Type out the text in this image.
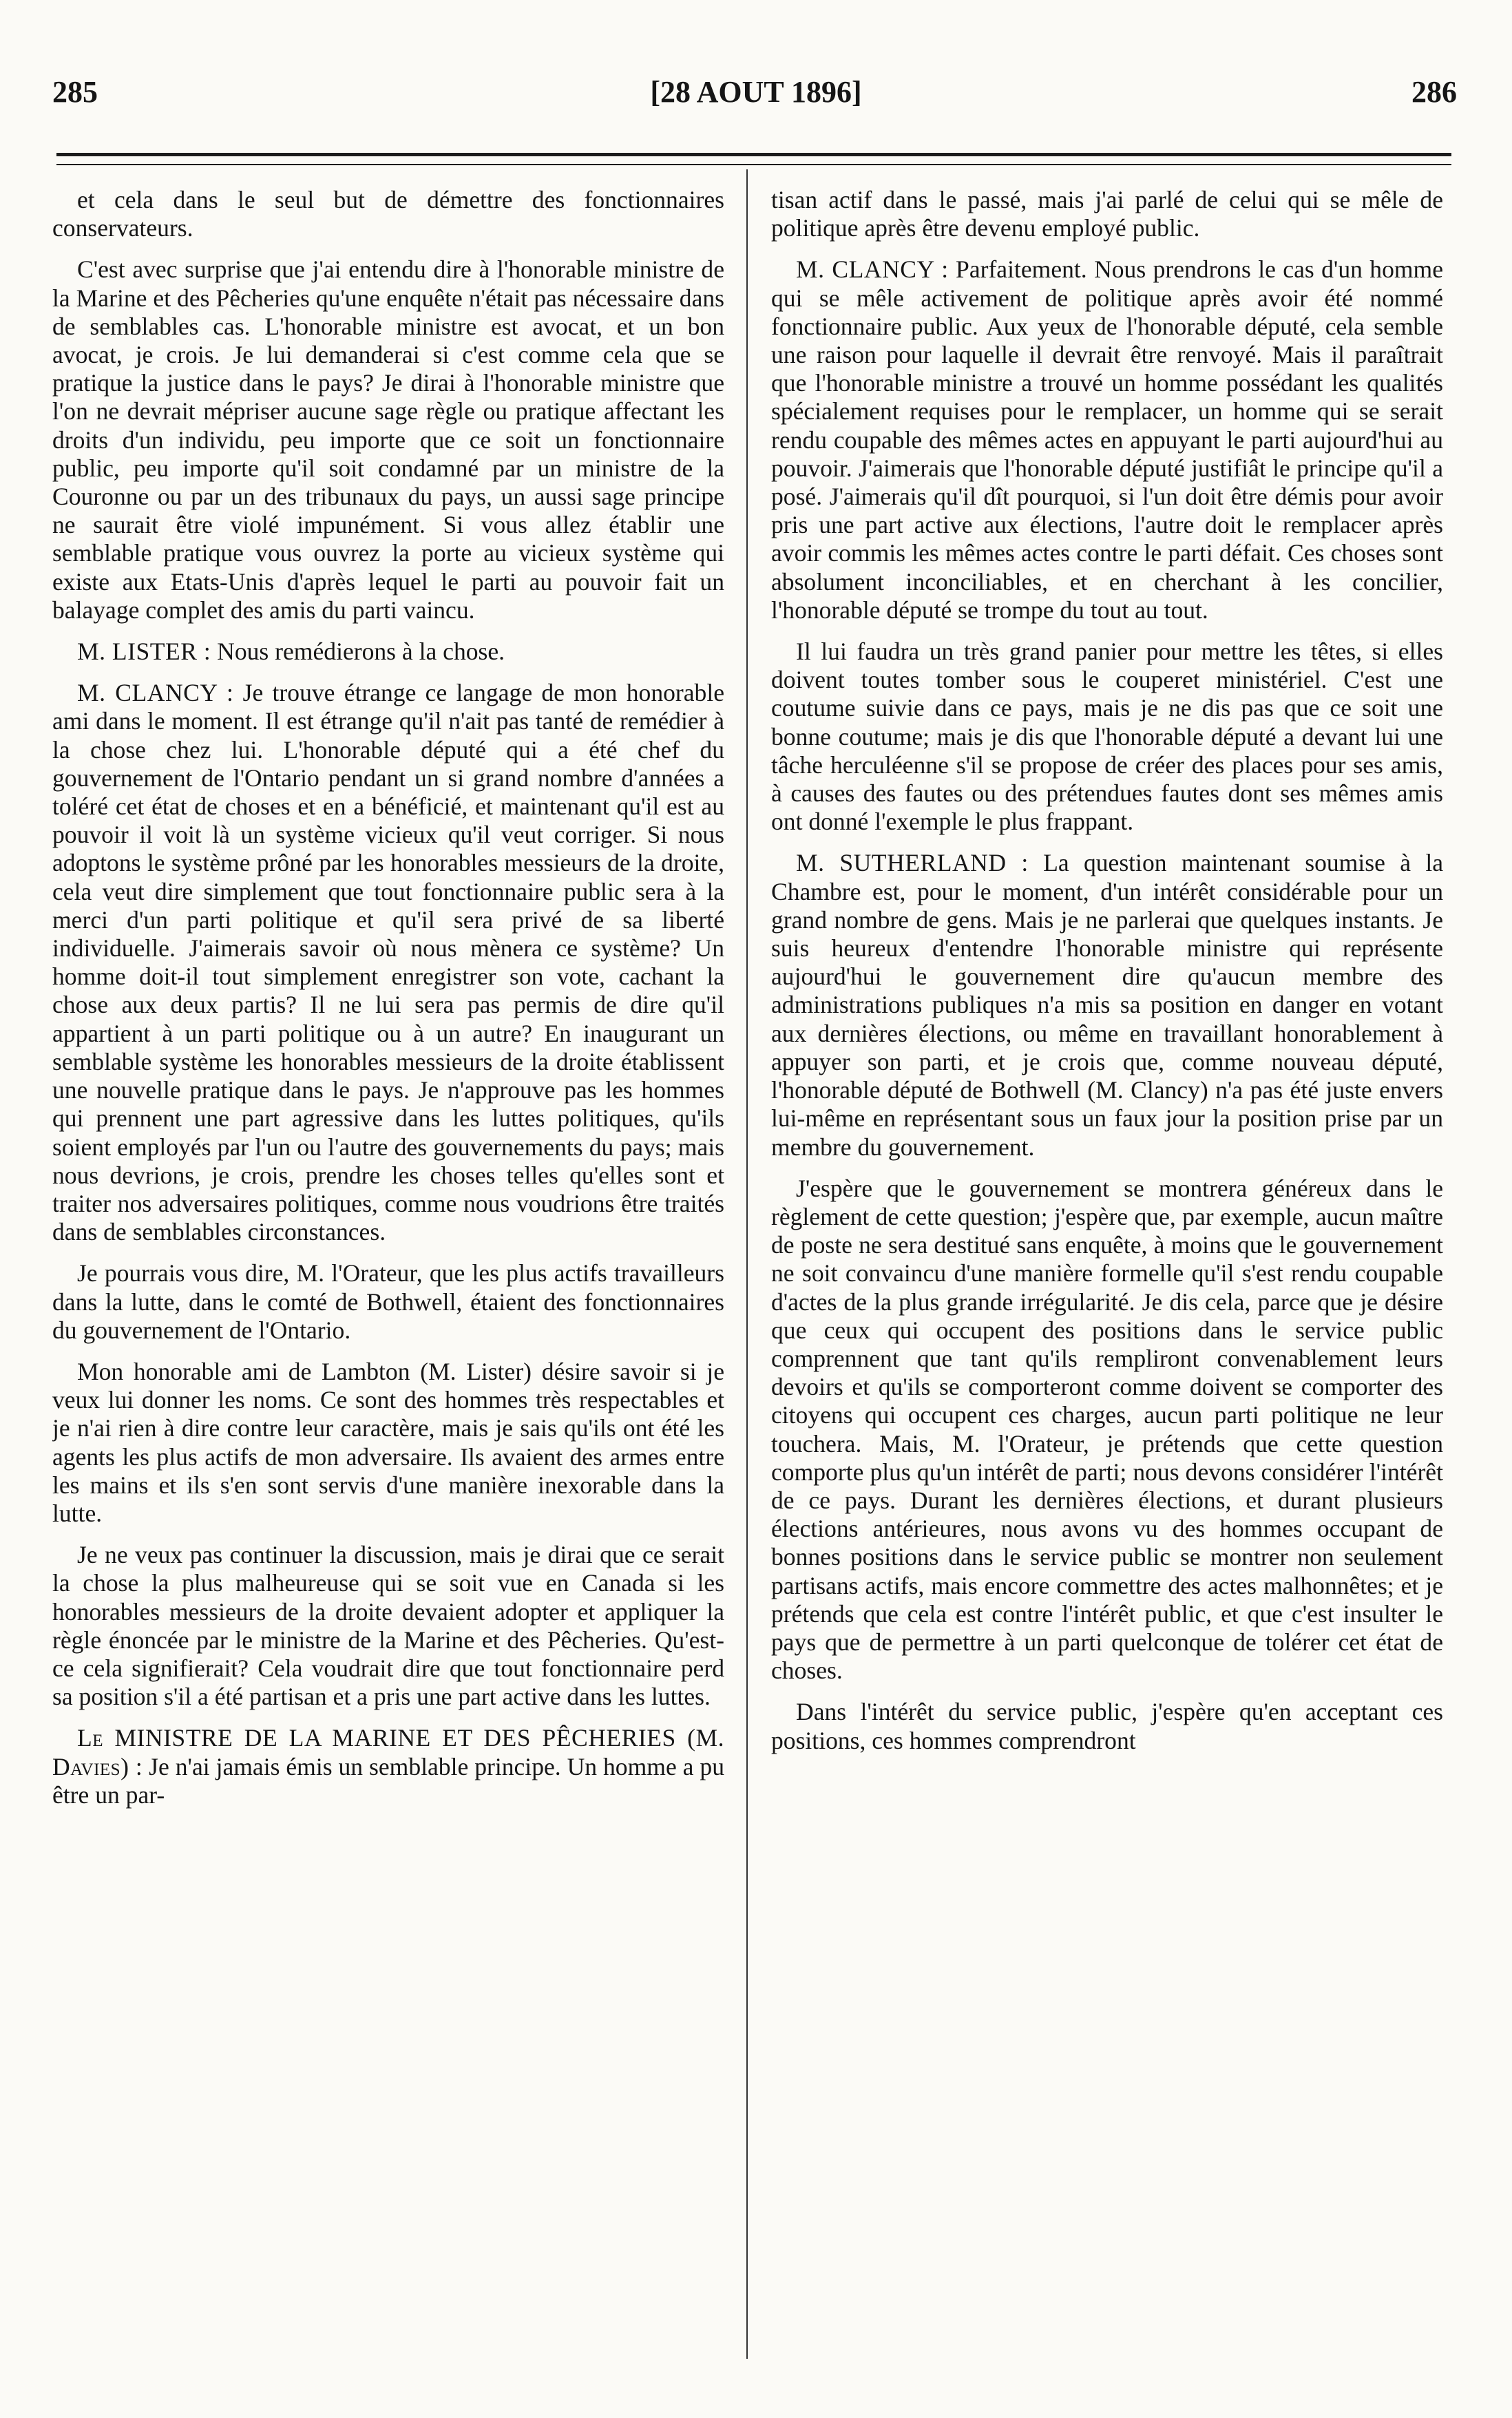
285	[28 AOUT 1896]	286

et cela dans le seul but de démettre des fonctionnaires conservateurs.

C'est avec surprise que j'ai entendu dire à l'honorable ministre de la Marine et des Pêcheries qu'une enquête n'était pas nécessaire dans de semblables cas. L'honorable ministre est avocat, et un bon avocat, je crois. Je lui demanderai si c'est comme cela que se pratique la justice dans le pays? Je dirai à l'honorable ministre que l'on ne devrait mépriser aucune sage règle ou pratique affectant les droits d'un individu, peu importe que ce soit un fonctionnaire public, peu importe qu'il soit condamné par un ministre de la Couronne ou par un des tribunaux du pays, un aussi sage principe ne saurait être violé impunément. Si vous allez établir une semblable pratique vous ouvrez la porte au vicieux système qui existe aux Etats-Unis d'après lequel le parti au pouvoir fait un balayage complet des amis du parti vaincu.

M. LISTER : Nous remédierons à la chose.

M. CLANCY : Je trouve étrange ce langage de mon honorable ami dans le moment. Il est étrange qu'il n'ait pas tanté de remédier à la chose chez lui. L'honorable député qui a été chef du gouvernement de l'Ontario pendant un si grand nombre d'années a toléré cet état de choses et en a bénéficié, et maintenant qu'il est au pouvoir il voit là un système vicieux qu'il veut corriger. Si nous adoptons le système prôné par les honorables messieurs de la droite, cela veut dire simplement que tout fonctionnaire public sera à la merci d'un parti politique et qu'il sera privé de sa liberté individuelle. J'aimerais savoir où nous mènera ce système? Un homme doit-il tout simplement enregistrer son vote, cachant la chose aux deux partis? Il ne lui sera pas permis de dire qu'il appartient à un parti politique ou à un autre? En inaugurant un semblable système les honorables messieurs de la droite établissent une nouvelle pratique dans le pays. Je n'approuve pas les hommes qui prennent une part agressive dans les luttes politiques, qu'ils soient employés par l'un ou l'autre des gouvernements du pays; mais nous devrions, je crois, prendre les choses telles qu'elles sont et traiter nos adversaires politiques, comme nous voudrions être traités dans de semblables circonstances.

Je pourrais vous dire, M. l'Orateur, que les plus actifs travailleurs dans la lutte, dans le comté de Bothwell, étaient des fonctionnaires du gouvernement de l'Ontario.

Mon honorable ami de Lambton (M. Lister) désire savoir si je veux lui donner les noms. Ce sont des hommes très respectables et je n'ai rien à dire contre leur caractère, mais je sais qu'ils ont été les agents les plus actifs de mon adversaire. Ils avaient des armes entre les mains et ils s'en sont servis d'une manière inexorable dans la lutte.

Je ne veux pas continuer la discussion, mais je dirai que ce serait la chose la plus malheureuse qui se soit vue en Canada si les honorables messieurs de la droite devaient adopter et appliquer la règle énoncée par le ministre de la Marine et des Pêcheries. Qu'est-ce cela signifierait? Cela voudrait dire que tout fonctionnaire perd sa position s'il a été partisan et a pris une part active dans les luttes.

Le MINISTRE DE LA MARINE ET DES PÊCHERIES (M. Davies) : Je n'ai jamais émis un semblable principe. Un homme a pu être un par-

tisan actif dans le passé, mais j'ai parlé de celui qui se mêle de politique après être devenu employé public.

M. CLANCY : Parfaitement. Nous prendrons le cas d'un homme qui se mêle activement de politique après avoir été nommé fonctionnaire public. Aux yeux de l'honorable député, cela semble une raison pour laquelle il devrait être renvoyé. Mais il paraîtrait que l'honorable ministre a trouvé un homme possédant les qualités spécialement requises pour le remplacer, un homme qui se serait rendu coupable des mêmes actes en appuyant le parti aujourd'hui au pouvoir. J'aimerais que l'honorable député justifiât le principe qu'il a posé. J'aimerais qu'il dît pourquoi, si l'un doit être démis pour avoir pris une part active aux élections, l'autre doit le remplacer après avoir commis les mêmes actes contre le parti défait. Ces choses sont absolument inconciliables, et en cherchant à les concilier, l'honorable député se trompe du tout au tout.

Il lui faudra un très grand panier pour mettre les têtes, si elles doivent toutes tomber sous le couperet ministériel. C'est une coutume suivie dans ce pays, mais je ne dis pas que ce soit une bonne coutume; mais je dis que l'honorable député a devant lui une tâche herculéenne s'il se propose de créer des places pour ses amis, à causes des fautes ou des prétendues fautes dont ses mêmes amis ont donné l'exemple le plus frappant.

M. SUTHERLAND : La question maintenant soumise à la Chambre est, pour le moment, d'un intérêt considérable pour un grand nombre de gens. Mais je ne parlerai que quelques instants. Je suis heureux d'entendre l'honorable ministre qui représente aujourd'hui le gouvernement dire qu'aucun membre des administrations publiques n'a mis sa position en danger en votant aux dernières élections, ou même en travaillant honorablement à appuyer son parti, et je crois que, comme nouveau député, l'honorable député de Bothwell (M. Clancy) n'a pas été juste envers lui-même en représentant sous un faux jour la position prise par un membre du gouvernement.

J'espère que le gouvernement se montrera généreux dans le règlement de cette question; j'espère que, par exemple, aucun maître de poste ne sera destitué sans enquête, à moins que le gouvernement ne soit convaincu d'une manière formelle qu'il s'est rendu coupable d'actes de la plus grande irrégularité. Je dis cela, parce que je désire que ceux qui occupent des positions dans le service public comprennent que tant qu'ils rempliront convenablement leurs devoirs et qu'ils se comporteront comme doivent se comporter des citoyens qui occupent ces charges, aucun parti politique ne leur touchera. Mais, M. l'Orateur, je prétends que cette question comporte plus qu'un intérêt de parti; nous devons considérer l'intérêt de ce pays. Durant les dernières élections, et durant plusieurs élections antérieures, nous avons vu des hommes occupant de bonnes positions dans le service public se montrer non seulement partisans actifs, mais encore commettre des actes malhonnêtes; et je prétends que cela est contre l'intérêt public, et que c'est insulter le pays que de permettre à un parti quelconque de tolérer cet état de choses.

Dans l'intérêt du service public, j'espère qu'en acceptant ces positions, ces hommes comprendront
